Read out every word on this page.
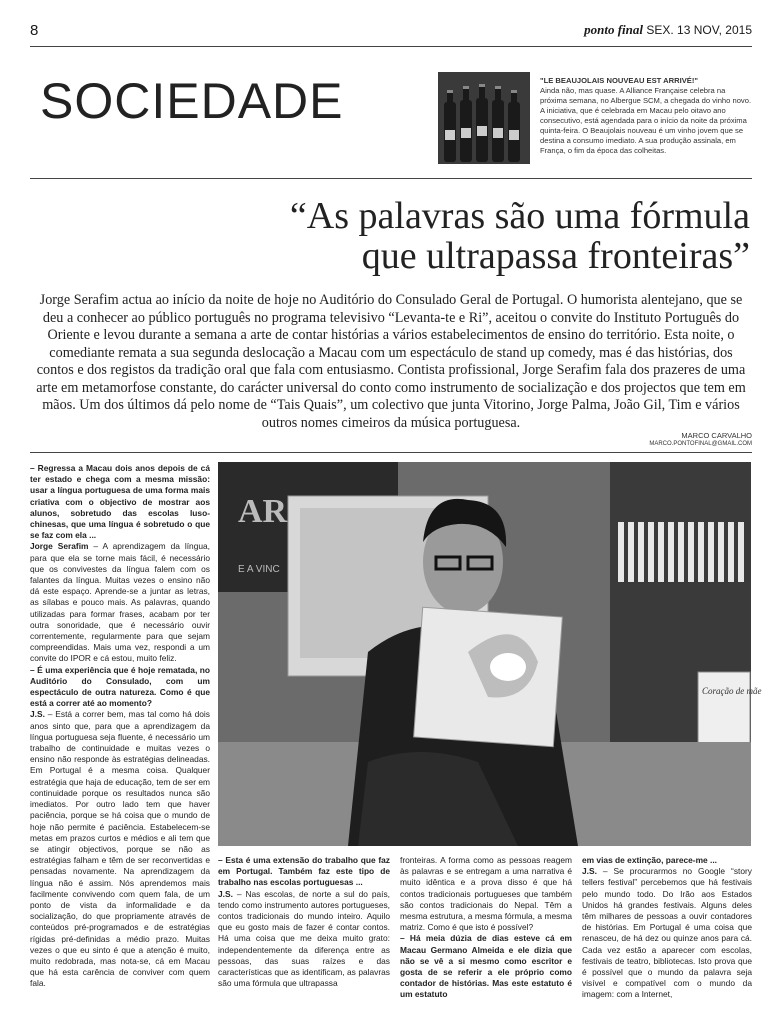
8	ponto final SEX. 13 NOV, 2015
SOCIEDADE	"LE BEAUJOLAIS NOUVEAU EST ARRIVÉ!"
Ainda não, mas quase. A Alliance Française celebra na próxima semana, no Albergue SCM, a chegada do vinho novo. A iniciativa, que é celebrada em Macau pelo oitavo ano consecutivo, está agendada para o início da noite da próxima quinta-feira. O Beaujolais nouveau é um vinho jovem que se destina a consumo imediato. A sua produção assinala, em França, o fim da época das colheitas.
“As palavras são uma fórmula
que ultrapassa fronteiras”
Jorge Serafim actua ao início da noite de hoje no Auditório do Consulado Geral de Portugal. O humorista alentejano, que se deu a conhecer ao público português no programa televisivo “Levanta-te e Ri”, aceitou o convite do Instituto Português do Oriente e levou durante a semana a arte de contar histórias a vários estabelecimentos de ensino do território. Esta noite, o comediante remata a sua segunda deslocação a Macau com um espectáculo de stand up comedy, mas é das histórias, dos contos e dos registos da tradição oral que fala com entusiasmo. Contista profissional, Jorge Serafim fala dos prazeres de uma arte em metamorfose constante, do carácter universal do conto como instrumento de socialização e dos projectos que tem em mãos. Um dos últimos dá pelo nome de “Tais Quais”, um colectivo que junta Vitorino, Jorge Palma, João Gil, Tim e vários outros nomes cimeiros da música portuguesa.
MARCO CARVALHO
MARCO.PONTOFINAL@GMAIL.COM

– Regressa a Macau dois anos depois de cá ter estado e chega com a mesma missão: usar a língua portuguesa de uma forma mais criativa com o objectivo de mostrar aos alunos, sobretudo das escolas luso-chinesas, que uma língua é sobretudo o que se faz com ela ...

Jorge Serafim – A aprendizagem da língua, para que ela se torne mais fácil, é necessário que os convivestes da língua falem com os falantes da língua. Muitas vezes o ensino não dá este espaço. Aprende-se a juntar as letras, as sílabas e pouco mais. As palavras, quando utilizadas para formar frases, acabam por ter outra sonoridade, que é necessário ouvir correntemente, regularmente para que sejam compreendidas. Mais uma vez, respondi a um convite do IPOR e cá estou, muito feliz.

– É uma experiência que é hoje rematada, no Auditório do Consulado, com um espectáculo de outra natureza. Como é que está a correr até ao momento?

J.S. – Está a correr bem, mas tal como há dois anos sinto que, para que a aprendizagem da língua portuguesa seja fluente, é necessário um trabalho de continuidade e muitas vezes o ensino não responde às estratégias delineadas. Em Portugal é a mesma coisa. Qualquer estratégia que haja de educação, tem de ser em continuidade porque os resultados nunca são imediatos. Por outro lado tem que haver paciência, porque se há coisa que o mundo de hoje não permite é paciência. Estabelecem-se metas em prazos curtos e médios e ali tem que se atingir objectivos, porque se não as estratégias falham e têm de ser reconvertidas e pensadas novamente. Na aprendizagem da língua não é assim. Nós aprendemos mais facilmente convivendo com quem fala, de um ponto de vista da informalidade e da socialização, do que propriamente através de conteúdos pré-programados e de estratégias rígidas pré-definidas a médio prazo. Muitas vezes o que eu sinto é que a atenção é muito, muito redobrada, mas nota-se, cá em Macau que há esta carência de conviver com quem fala.

AR
E A VINC
Coração de mãe

– Esta é uma extensão do trabalho que faz em Portugal. Também faz este tipo de trabalho nas escolas portuguesas ...

J.S. – Nas escolas, de norte a sul do país, tendo como instrumento autores portugueses, contos tradicionais do mundo inteiro. Aquilo que eu gosto mais de fazer é contar contos. Há uma coisa que me deixa muito grato: independentemente da diferença entre as pessoas, das suas raízes e das características que as identificam, as palavras são uma fórmula que ultrapassa

fronteiras. A forma como as pessoas reagem às palavras e se entregam a uma narrativa é muito idêntica e a prova disso é que há contos tradicionais portugueses que também são contos tradicionais do Nepal. Têm a mesma estrutura, a mesma fórmula, a mesma matriz. Como é que isto é possível?

– Há meia dúzia de dias esteve cá em Macau Germano Almeida e ele dizia que não se vê a si mesmo como escritor e gosta de se referir a ele próprio como contador de histórias. Mas este estatuto é um estatuto

em vias de extinção, parece-me ...

J.S. – Se procurarmos no Google “story tellers festival” percebemos que há festivais pelo mundo todo. Do Irão aos Estados Unidos há grandes festivais. Alguns deles têm milhares de pessoas a ouvir contadores de histórias. Em Portugal é uma coisa que renasceu, de há dez ou quinze anos para cá. Cada vez estão a aparecer com escolas, festivais de teatro, bibliotecas. Isto prova que é possível que o mundo da palavra seja visível e compatível com o mundo da imagem: com a Internet,
